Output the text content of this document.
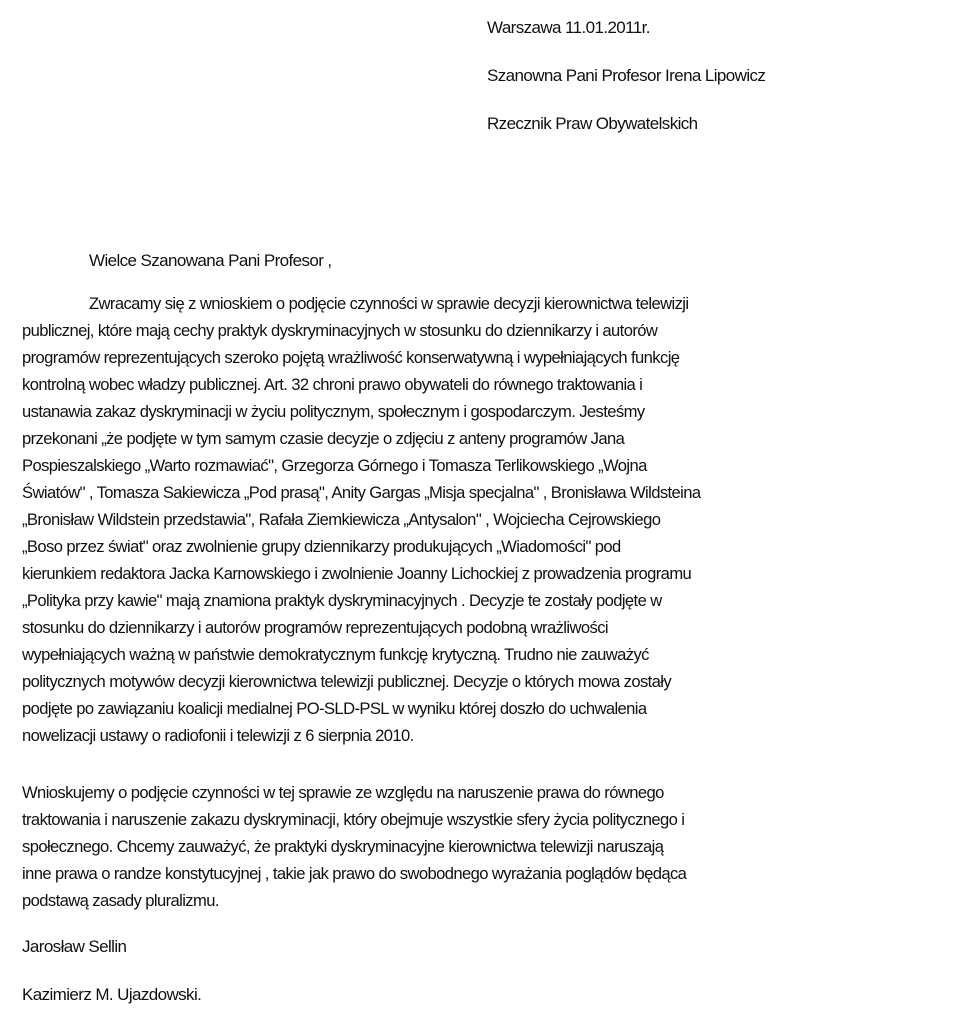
Warszawa 11.01.2011r.
Szanowna Pani Profesor Irena Lipowicz
Rzecznik Praw Obywatelskich
Wielce Szanowana Pani Profesor ,
Zwracamy się z wnioskiem o podjęcie czynności w sprawie decyzji kierownictwa telewizji
publicznej, które mają cechy praktyk dyskryminacyjnych w stosunku do dziennikarzy i autorów
programów reprezentujących szeroko pojętą wrażliwość konserwatywną i wypełniających funkcję
kontrolną wobec władzy publicznej. Art. 32 chroni prawo obywateli do równego traktowania i
ustanawia zakaz dyskryminacji w życiu politycznym, społecznym i gospodarczym. Jesteśmy
przekonani „że podjęte w tym samym czasie decyzje o zdjęciu z anteny programów Jana
Pospieszalskiego „Warto rozmawiać", Grzegorza Górnego i Tomasza Terlikowskiego „Wojna
Światów" , Tomasza Sakiewicza „Pod prasą", Anity Gargas „Misja specjalna" , Bronisława Wildsteina
„Bronisław Wildstein przedstawia", Rafała Ziemkiewicza „Antysalon" , Wojciecha Cejrowskiego
„Boso przez świat" oraz zwolnienie grupy dziennikarzy produkujących „Wiadomości" pod
kierunkiem redaktora Jacka Karnowskiego i zwolnienie Joanny Lichockiej z prowadzenia programu
„Polityka przy kawie" mają znamiona praktyk dyskryminacyjnych . Decyzje te zostały podjęte w
stosunku do dziennikarzy i autorów programów reprezentujących podobną wrażliwości
wypełniających ważną w państwie demokratycznym funkcję krytyczną. Trudno nie zauważyć
politycznych motywów decyzji kierownictwa telewizji publicznej. Decyzje o których mowa zostały
podjęte po zawiązaniu koalicji medialnej PO-SLD-PSL w wyniku której doszło do uchwalenia
nowelizacji ustawy o radiofonii i telewizji z 6 sierpnia 2010.
Wnioskujemy o podjęcie czynności w tej sprawie ze względu na naruszenie prawa do równego
traktowania i naruszenie zakazu dyskryminacji, który obejmuje wszystkie sfery życia politycznego i
społecznego. Chcemy zauważyć, że praktyki dyskryminacyjne kierownictwa telewizji naruszają
inne prawa o randze konstytucyjnej , takie jak prawo do swobodnego wyrażania poglądów będąca
podstawą zasady pluralizmu.
Jarosław Sellin
Kazimierz M. Ujazdowski.
